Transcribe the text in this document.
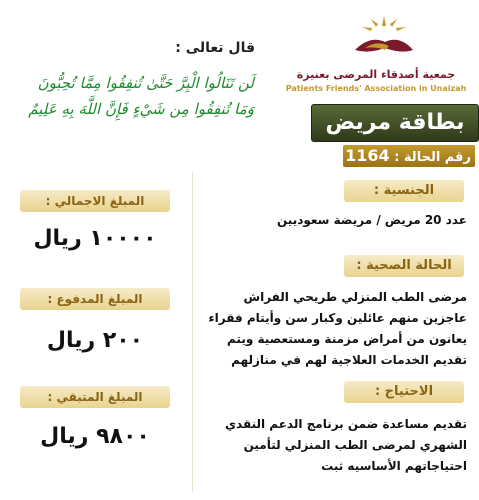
جمعية أصدقاء المرضى بعنيزة
Patients Friends' Association in Unaizah
قال تعالى :
لَن تَنَالُوا الْبِرَّ حَتَّىٰ تُنفِقُوا مِمَّا تُحِبُّونَ
وَمَا تُنفِقُوا مِن شَيْءٍ فَإِنَّ اللَّهَ بِهِ عَلِيمٌ
بطاقة مريض
رقم الحالة : 1164
المبلغ الاجمالي :
١٠٠٠٠ ريال
المبلغ المدفوع :
٢٠٠ ريال
المبلغ المتبقي :
٩٨٠٠ ريال
الجنسية :
عدد 20 مريض / مريضة سعوديين
الحالة الصحية :
مرضى الطب المنزلي طريحي الفراش عاجزين منهم عائلين وكبار سن وأيتام فقراء يعانون من أمراض مزمنة ومستعصية ويتم تقديم الخدمات العلاجية لهم في منازلهم
الاحتياج :
تقديم مساعدة ضمن برنامج الدعم النقدي الشهري لمرضى الطب المنزلي لتأمين احتياجاتهم الأساسيه ثبت
